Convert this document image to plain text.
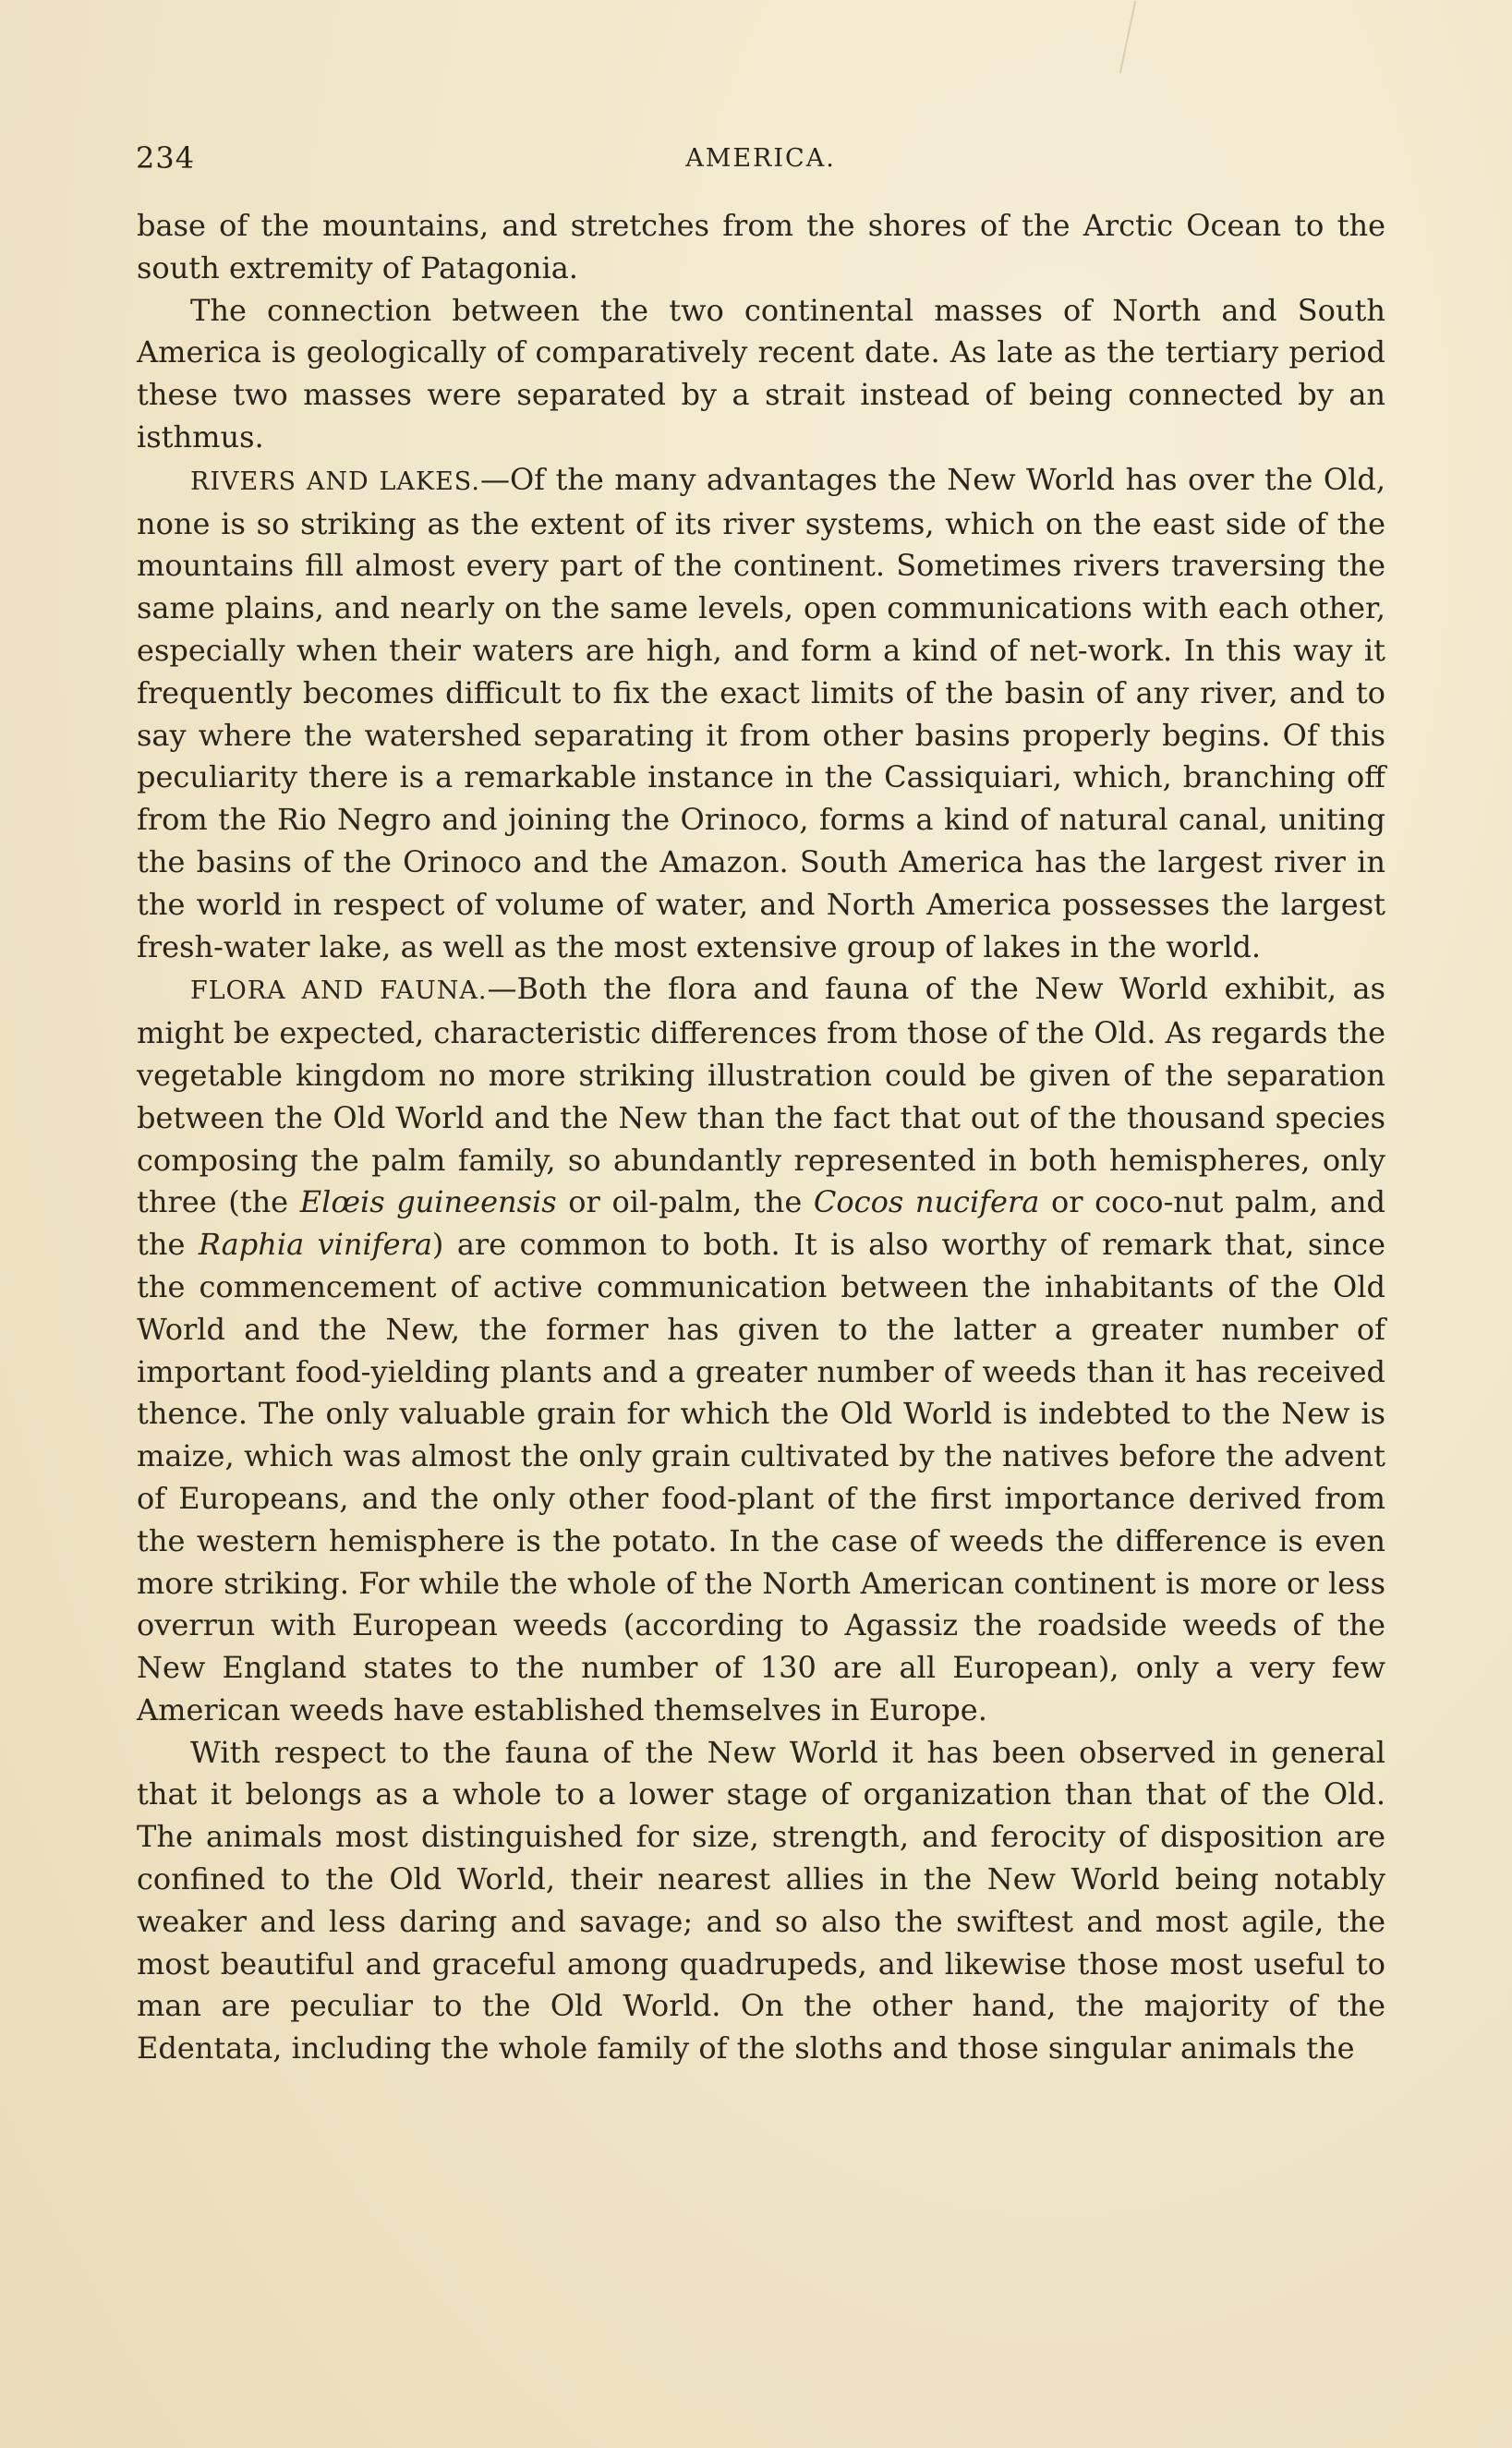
234	AMERICA.

base of the mountains, and stretches from the shores of the Arctic Ocean to the south extremity of Patagonia.

The connection between the two continental masses of North and South America is geologically of comparatively recent date. As late as the tertiary period these two masses were separated by a strait instead of being connected by an isthmus.

RIVERS AND LAKES.—Of the many advantages the New World has over the Old, none is so striking as the extent of its river systems, which on the east side of the mountains fill almost every part of the continent. Sometimes rivers traversing the same plains, and nearly on the same levels, open communications with each other, especially when their waters are high, and form a kind of net-work. In this way it frequently becomes difficult to fix the exact limits of the basin of any river, and to say where the watershed separating it from other basins properly begins. Of this peculiarity there is a remarkable instance in the Cassiquiari, which, branching off from the Rio Negro and joining the Orinoco, forms a kind of natural canal, uniting the basins of the Orinoco and the Amazon. South America has the largest river in the world in respect of volume of water, and North America possesses the largest fresh-water lake, as well as the most extensive group of lakes in the world.

FLORA AND FAUNA.—Both the flora and fauna of the New World exhibit, as might be expected, characteristic differences from those of the Old. As regards the vegetable kingdom no more striking illustration could be given of the separation between the Old World and the New than the fact that out of the thousand species composing the palm family, so abundantly represented in both hemispheres, only three (the Elœis guineensis or oil-palm, the Cocos nucifera or coco-nut palm, and the Raphia vinifera) are common to both. It is also worthy of remark that, since the commencement of active communication between the inhabitants of the Old World and the New, the former has given to the latter a greater number of important food-yielding plants and a greater number of weeds than it has received thence. The only valuable grain for which the Old World is indebted to the New is maize, which was almost the only grain cultivated by the natives before the advent of Europeans, and the only other food-plant of the first importance derived from the western hemisphere is the potato. In the case of weeds the difference is even more striking. For while the whole of the North American continent is more or less overrun with European weeds (according to Agassiz the roadside weeds of the New England states to the number of 130 are all European), only a very few American weeds have established themselves in Europe.

With respect to the fauna of the New World it has been observed in general that it belongs as a whole to a lower stage of organization than that of the Old. The animals most distinguished for size, strength, and ferocity of disposition are confined to the Old World, their nearest allies in the New World being notably weaker and less daring and savage; and so also the swiftest and most agile, the most beautiful and graceful among quadrupeds, and likewise those most useful to man are peculiar to the Old World. On the other hand, the majority of the Edentata, including the whole family of the sloths and those singular animals the
